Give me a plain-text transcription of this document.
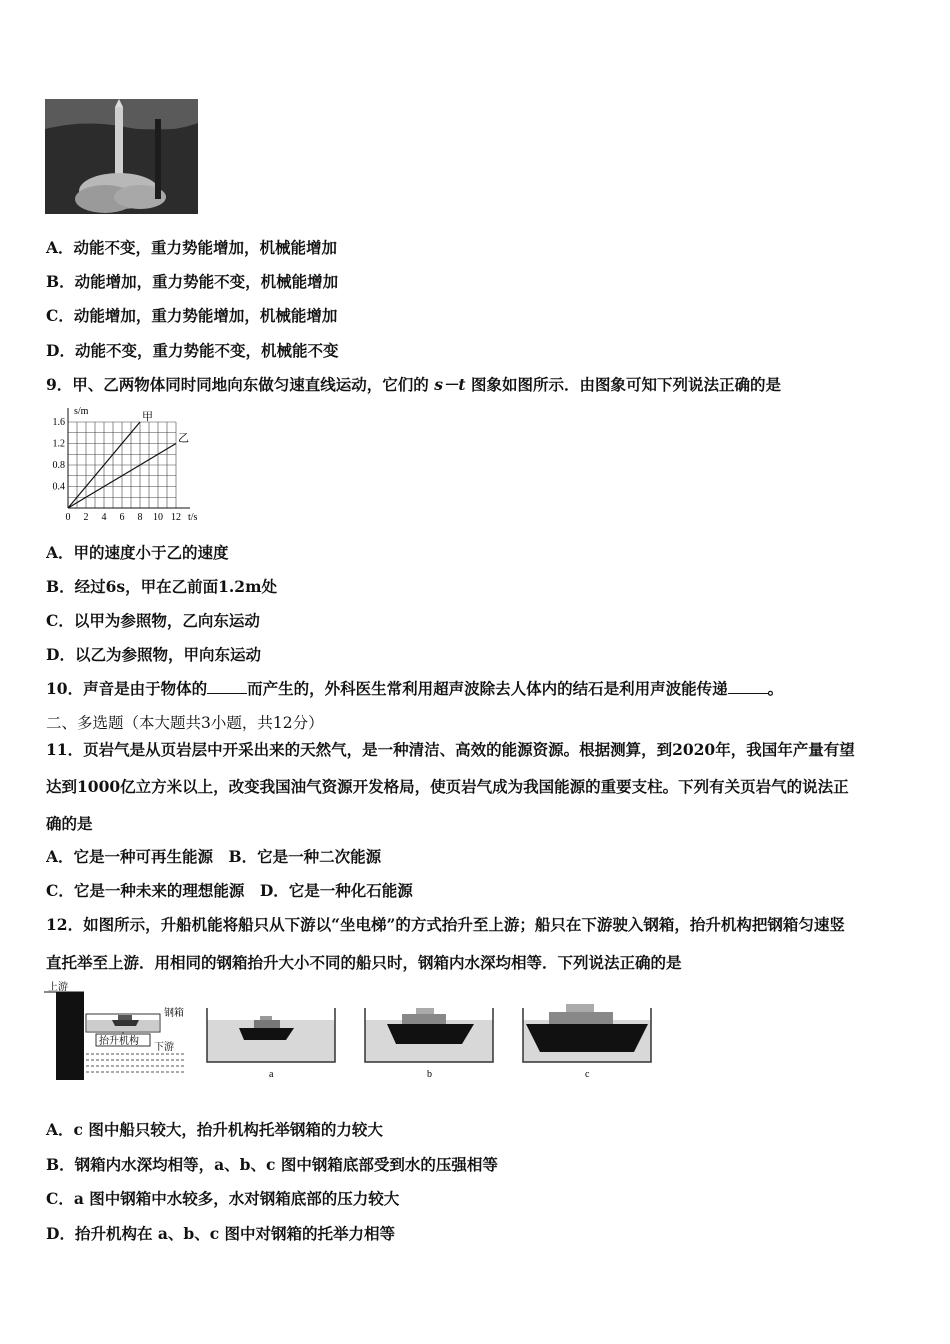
A．动能不变，重力势能增加，机械能增加
B．动能增加，重力势能不变，机械能增加
C．动能增加，重力势能增加，机械能增加
D．动能不变，重力势能不变，机械能不变
9．甲、乙两物体同时同地向东做匀速直线运动，它们的 s－t 图象如图所示．由图象可知下列说法正确的是
s/m
t/s
0 2 4 6 8 10 12
0.4
0.8
1.2
1.6	甲
乙
A．甲的速度小于乙的速度
B．经过6s，甲在乙前面1.2m处
C．以甲为参照物，乙向东运动
D．以乙为参照物，甲向东运动
10．声音是由于物体的	而产生的，外科医生常利用超声波除去人体内的结石是利用声波能传递	。
二、多选题（本大题共3小题，共12分）
11．页岩气是从页岩层中开采出来的天然气，是一种清洁、高效的能源资源。根据测算，到2020年，我国年产量有望
达到1000亿立方米以上，改变我国油气资源开发格局，使页岩气成为我国能源的重要支柱。下列有关页岩气的说法正
确的是
A．它是一种可再生能源　B．它是一种二次能源
C．它是一种未来的理想能源　D．它是一种化石能源
12．如图所示，升船机能将船只从下游以“坐电梯”的方式抬升至上游；船只在下游驶入钢箱，抬升机构把钢箱匀速竖
直托举至上游．用相同的钢箱抬升大小不同的船只时，钢箱内水深均相等．下列说法正确的是
上游
钢箱
抬升机构
下游
a	b	c
A．c 图中船只较大，抬升机构托举钢箱的力较大
B．钢箱内水深均相等，a、b、c 图中钢箱底部受到水的压强相等
C．a 图中钢箱中水较多，水对钢箱底部的压力较大
D．抬升机构在 a、b、c 图中对钢箱的托举力相等
